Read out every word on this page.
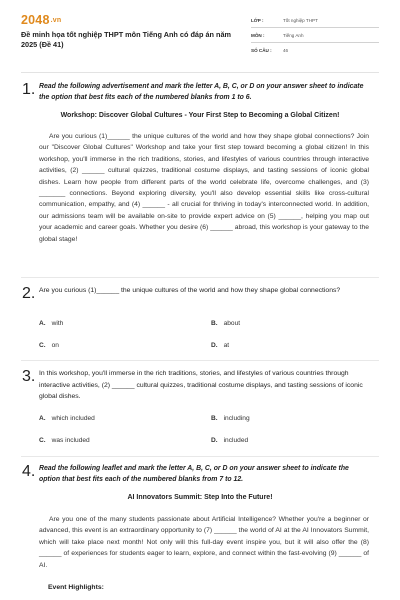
2048.vn
Đề minh họa tốt nghiệp THPT môn Tiếng Anh có đáp án năm 2025 (Đề 41)
LỚP :	Tốt nghiệp THPT
MÔN :	Tiếng Anh
SỐ CÂU :	46
1. Read the following advertisement and mark the letter A, B, C, or D on your answer sheet to indicate the option that best fits each of the numbered blanks from 1 to 6.
Workshop: Discover Global Cultures - Your First Step to Becoming a Global Citizen!
Are you curious (1)______ the unique cultures of the world and how they shape global connections? Join our "Discover Global Cultures" Workshop and take your first step toward becoming a global citizen! In this workshop, you'll immerse in the rich traditions, stories, and lifestyles of various countries through interactive activities, (2) ______ cultural quizzes, traditional costume displays, and tasting sessions of iconic global dishes. Learn how people from different parts of the world celebrate life, overcome challenges, and (3) _______ connections. Beyond exploring diversity, you'll also develop essential skills like cross-cultural communication, empathy, and (4) ______ - all crucial for thriving in today's interconnected world. In addition, our admissions team will be available on-site to provide expert advice on (5) ______, helping you map out your academic and career goals. Whether you desire (6) ______ abroad, this workshop is your gateway to the global stage!
2. Are you curious (1)______ the unique cultures of the world and how they shape global connections?
A. with	B. about
C. on	D. at
3. In this workshop, you'll immerse in the rich traditions, stories, and lifestyles of various countries through interactive activities, (2) ______ cultural quizzes, traditional costume displays, and tasting sessions of iconic global dishes.
A. which included	B. including
C. was included	D. included
4. Read the following leaflet and mark the letter A, B, C, or D on your answer sheet to indicate the option that best fits each of the numbered blanks from 7 to 12.
AI Innovators Summit: Step Into the Future!
Are you one of the many students passionate about Artificial Intelligence? Whether you're a beginner or advanced, this event is an extraordinary opportunity to (7) ______ the world of AI at the AI Innovators Summit, which will take place next month! Not only will this full-day event inspire you, but it will also offer the (8) ______ of experiences for students eager to learn, explore, and connect within the fast-evolving (9) ______ of AI.
Event Highlights:
